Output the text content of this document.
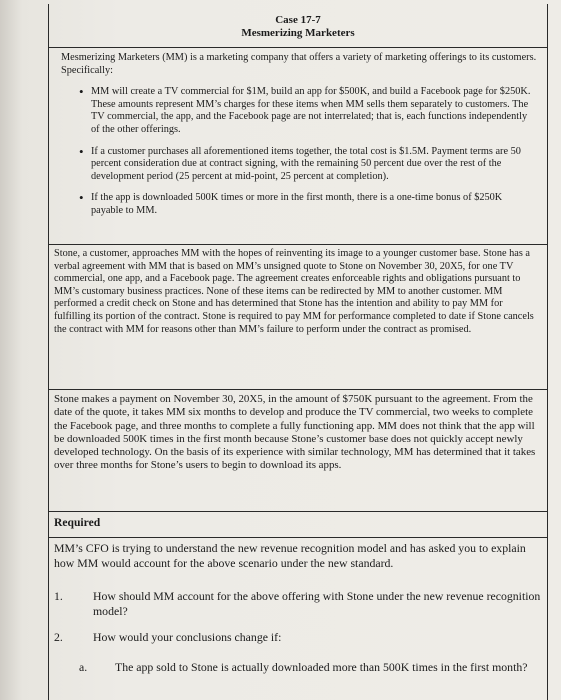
Case 17-7
Mesmerizing Marketers

Mesmerizing Marketers (MM) is a marketing company that offers a variety of marketing offerings to its customers. Specifically:

• MM will create a TV commercial for $1M, build an app for $500K, and build a Facebook page for $250K. These amounts represent MM’s charges for these items when MM sells them separately to customers. The TV commercial, the app, and the Facebook page are not interrelated; that is, each functions independently of the other offerings.
• If a customer purchases all aforementioned items together, the total cost is $1.5M. Payment terms are 50 percent consideration due at contract signing, with the remaining 50 percent due over the rest of the development period (25 percent at mid-point, 25 percent at completion).
• If the app is downloaded 500K times or more in the first month, there is a one-time bonus of $250K payable to MM.

Stone, a customer, approaches MM with the hopes of reinventing its image to a younger customer base. Stone has a verbal agreement with MM that is based on MM’s unsigned quote to Stone on November 30, 20X5, for one TV commercial, one app, and a Facebook page. The agreement creates enforceable rights and obligations pursuant to MM’s customary business practices. None of these items can be redirected by MM to another customer. MM performed a credit check on Stone and has determined that Stone has the intention and ability to pay MM for fulfilling its portion of the contract. Stone is required to pay MM for performance completed to date if Stone cancels the contract with MM for reasons other than MM’s failure to perform under the contract as promised.

Stone makes a payment on November 30, 20X5, in the amount of $750K pursuant to the agreement. From the date of the quote, it takes MM six months to develop and produce the TV commercial, two weeks to complete the Facebook page, and three months to complete a fully functioning app. MM does not think that the app will be downloaded 500K times in the first month because Stone’s customer base does not quickly accept newly developed technology. On the basis of its experience with similar technology, MM has determined that it takes over three months for Stone’s users to begin to download its apps.

Required

MM’s CFO is trying to understand the new revenue recognition model and has asked you to explain how MM would account for the above scenario under the new standard.

1.	How should MM account for the above offering with Stone under the new revenue recognition model?
2.	How would your conclusions change if:
a. The app sold to Stone is actually downloaded more than 500K times in the first month?
